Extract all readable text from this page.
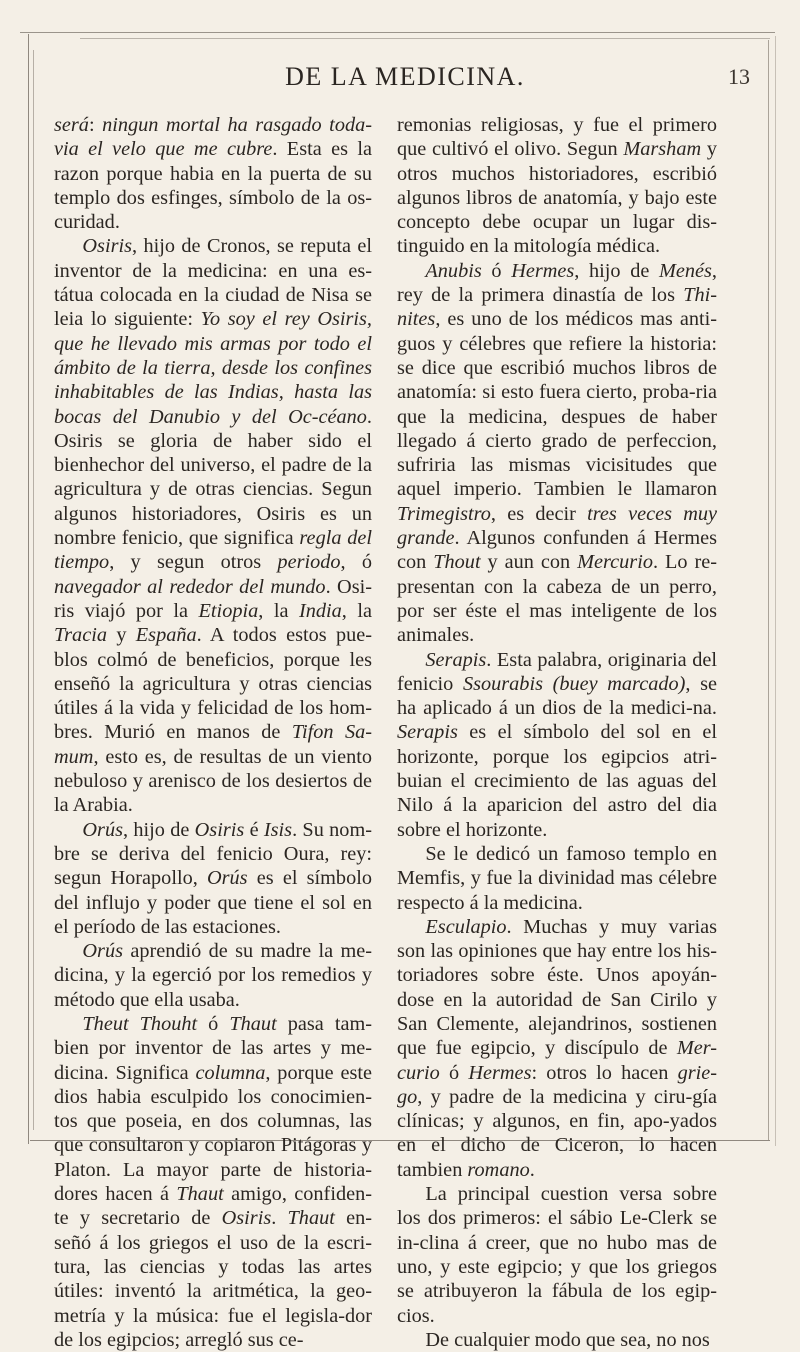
DE LA MEDICINA.	13

será: ningun mortal ha rasgado toda-via el velo que me cubre. Esta es la razon porque habia en la puerta de su templo dos esfinges, símbolo de la os-curidad.

Osiris, hijo de Cronos, se reputa el inventor de la medicina: en una es-tátua colocada en la ciudad de Nisa se leia lo siguiente: Yo soy el rey Osiris, que he llevado mis armas por todo el ámbito de la tierra, desde los confines inhabitables de las Indias, hasta las bocas del Danubio y del Oc-céano. Osiris se gloria de haber sido el bienhechor del universo, el padre de la agricultura y de otras ciencias. Segun algunos historiadores, Osiris es un nombre fenicio, que significa regla del tiempo, y segun otros periodo, ó navegador al rededor del mundo. Osi-ris viajó por la Etiopia, la India, la Tracia y España. A todos estos pue-blos colmó de beneficios, porque les enseñó la agricultura y otras ciencias útiles á la vida y felicidad de los hom-bres. Murió en manos de Tifon Sa-mum, esto es, de resultas de un viento nebuloso y arenisco de los desiertos de la Arabia.

Orús, hijo de Osiris é Isis. Su nom-bre se deriva del fenicio Oura, rey: segun Horapollo, Orús es el símbolo del influjo y poder que tiene el sol en el período de las estaciones.

Orús aprendió de su madre la me-dicina, y la egerció por los remedios y método que ella usaba.

Theut Thouht ó Thaut pasa tam-bien por inventor de las artes y me-dicina. Significa columna, porque este dios habia esculpido los conocimien-tos que poseia, en dos columnas, las que consultaron y copiaron Pitágoras y Platon. La mayor parte de historia-dores hacen á Thaut amigo, confiden-te y secretario de Osiris. Thaut en-señó á los griegos el uso de la escri-tura, las ciencias y todas las artes útiles: inventó la aritmética, la geo-metría y la música: fue el legisla-dor de los egipcios; arregló sus ce-

remonias religiosas, y fue el primero que cultivó el olivo. Segun Marsham y otros muchos historiadores, escribió algunos libros de anatomía, y bajo este concepto debe ocupar un lugar dis-tinguido en la mitología médica.

Anubis ó Hermes, hijo de Menés, rey de la primera dinastía de los Thi-nites, es uno de los médicos mas anti-guos y célebres que refiere la historia: se dice que escribió muchos libros de anatomía: si esto fuera cierto, proba-ria que la medicina, despues de haber llegado á cierto grado de perfeccion, sufriria las mismas vicisitudes que aquel imperio. Tambien le llamaron Trimegistro, es decir tres veces muy grande. Algunos confunden á Hermes con Thout y aun con Mercurio. Lo re-presentan con la cabeza de un perro, por ser éste el mas inteligente de los animales.

Serapis. Esta palabra, originaria del fenicio Ssourabis (buey marcado), se ha aplicado á un dios de la medici-na. Serapis es el símbolo del sol en el horizonte, porque los egipcios atri-buian el crecimiento de las aguas del Nilo á la aparicion del astro del dia sobre el horizonte.

Se le dedicó un famoso templo en Memfis, y fue la divinidad mas célebre respecto á la medicina.

Esculapio. Muchas y muy varias son las opiniones que hay entre los his-toriadores sobre éste. Unos apoyán-dose en la autoridad de San Cirilo y San Clemente, alejandrinos, sostienen que fue egipcio, y discípulo de Mer-curio ó Hermes: otros lo hacen grie-go, y padre de la medicina y ciru-gía clínicas; y algunos, en fin, apo-yados en el dicho de Ciceron, lo hacen tambien romano.

La principal cuestion versa sobre los dos primeros: el sábio Le-Clerk se in-clina á creer, que no hubo mas de uno, y este egipcio; y que los griegos se atribuyeron la fábula de los egip-cios.

De cualquier modo que sea, no nos
